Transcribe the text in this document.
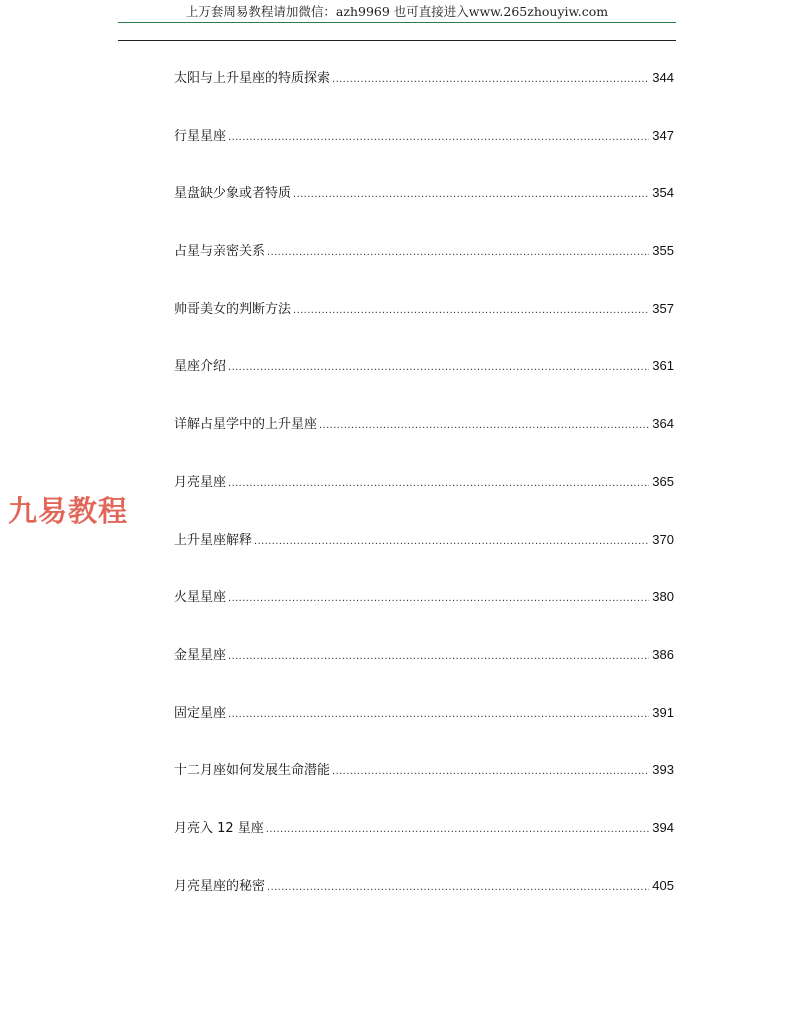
上万套周易教程请加微信：azh9969 也可直接进入www.265zhouyiw.com
九易教程
太阳与上升星座的特质探索 .....	344
行星星座 .....	347
星盘缺少象或者特质 .....	354
占星与亲密关系 .....	355
帅哥美女的判断方法 .....	357
星座介绍 .....	361
详解占星学中的上升星座 .....	364
月亮星座 .....	365
上升星座解释 .....	370
火星星座 .....	380
金星星座 .....	386
固定星座 .....	391
十二月座如何发展生命潜能 .....	393
月亮入 12 星座 .....	394
月亮星座的秘密 .....	405
